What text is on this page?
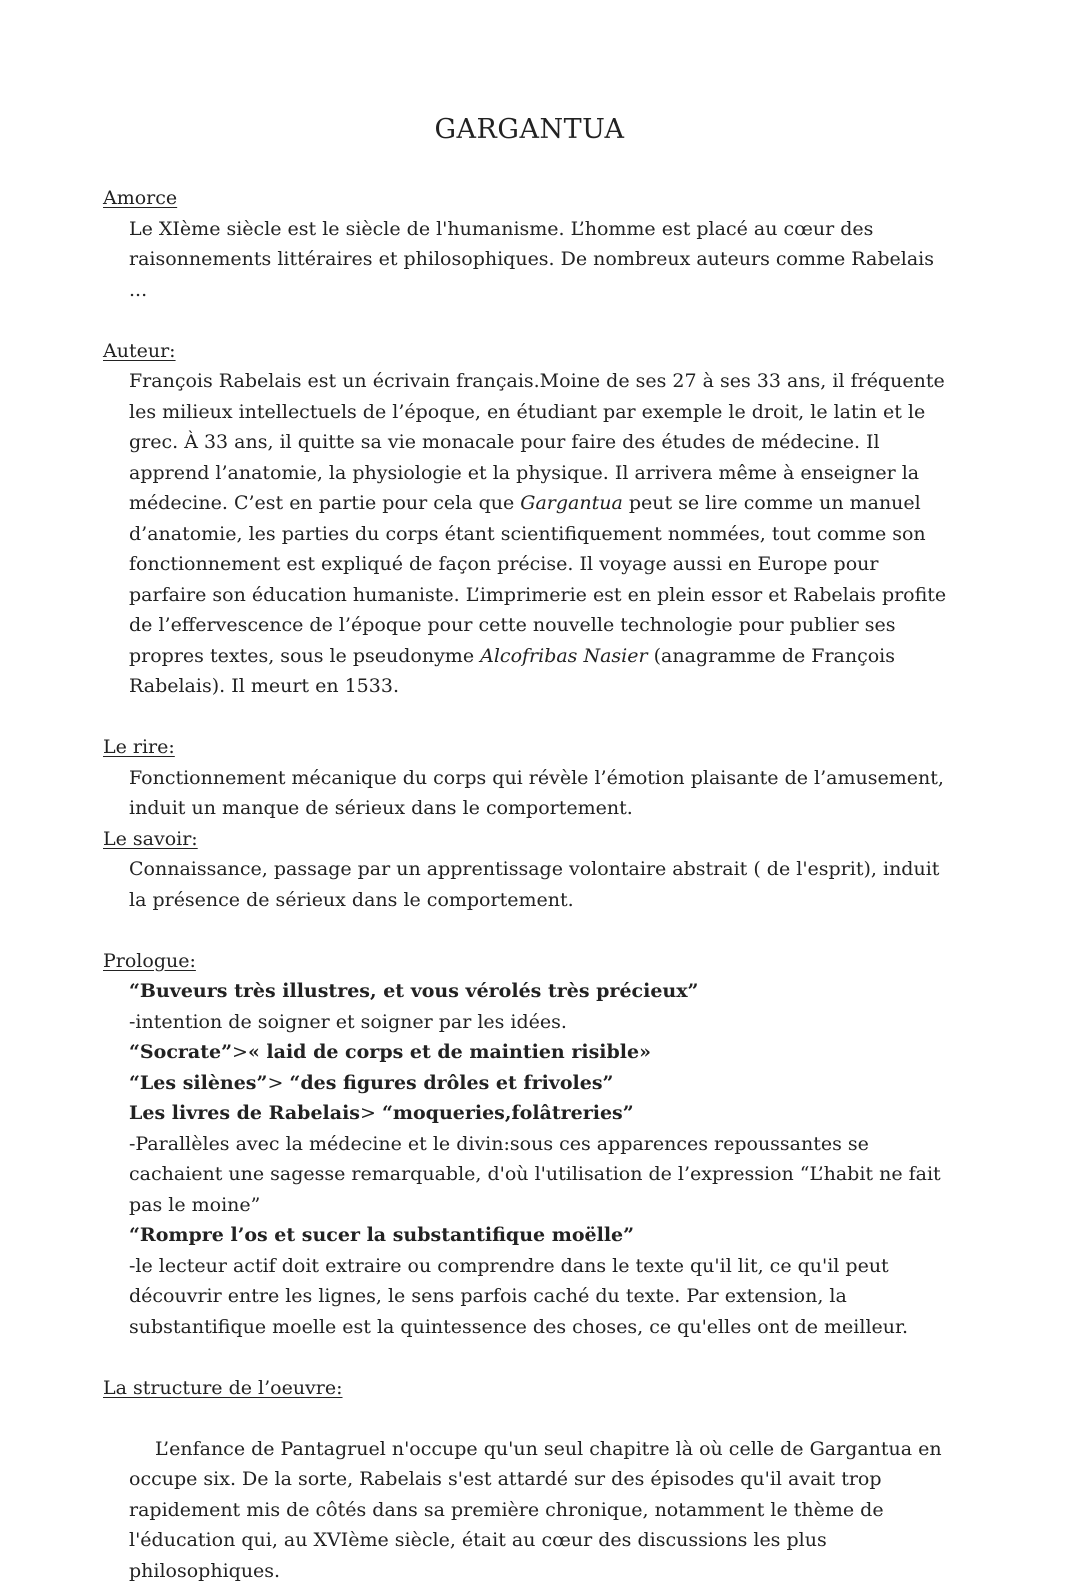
GARGANTUA

Amorce

Le XIème siècle est le siècle de l'humanisme. L’homme est placé au cœur des raisonnements littéraires et philosophiques. De nombreux auteurs comme Rabelais ...

Auteur:

François Rabelais est un écrivain français.Moine de ses 27 à ses 33 ans, il fréquente les milieux intellectuels de l’époque, en étudiant par exemple le droit, le latin et le grec. À 33 ans, il quitte sa vie monacale pour faire des études de médecine. Il apprend l’anatomie, la physiologie et la physique. Il arrivera même à enseigner la médecine. C’est en partie pour cela que Gargantua peut se lire comme un manuel d’anatomie, les parties du corps étant scientifiquement nommées, tout comme son fonctionnement est expliqué de façon précise. Il voyage aussi en Europe pour parfaire son éducation humaniste. L’imprimerie est en plein essor et Rabelais profite de l’effervescence de l’époque pour cette nouvelle technologie pour publier ses propres textes, sous le pseudonyme Alcofribas Nasier (anagramme de François Rabelais). Il meurt en 1533.

Le rire:

Fonctionnement mécanique du corps qui révèle l’émotion plaisante de l’amusement, induit un manque de sérieux dans le comportement.

Le savoir:

Connaissance, passage par un apprentissage volontaire abstrait ( de l'esprit), induit la présence de sérieux dans le comportement.

Prologue:

“Buveurs très illustres, et vous vérolés très précieux”

-intention de soigner et soigner par les idées.

“Socrate”>« laid de corps et de maintien risible»

“Les silènes”> “des figures drôles et frivoles”

Les livres de Rabelais> “moqueries,folâtreries”

-Parallèles avec la médecine et le divin:sous ces apparences repoussantes se cachaient une sagesse remarquable, d'où l'utilisation de l’expression “L’habit ne fait pas le moine”

“Rompre l’os et sucer la substantifique moëlle”

-le lecteur actif doit extraire ou comprendre dans le texte qu'il lit, ce qu'il peut découvrir entre les lignes, le sens parfois caché du texte. Par extension, la substantifique moelle est la quintessence des choses, ce qu'elles ont de meilleur.

La structure de l’oeuvre:

L’enfance de Pantagruel n'occupe qu'un seul chapitre là où celle de Gargantua en occupe six. De la sorte, Rabelais s'est attardé sur des épisodes qu'il avait trop rapidement mis de côtés dans sa première chronique, notamment le thème de l'éducation qui, au XVIème siècle, était au cœur des discussions les plus philosophiques.
